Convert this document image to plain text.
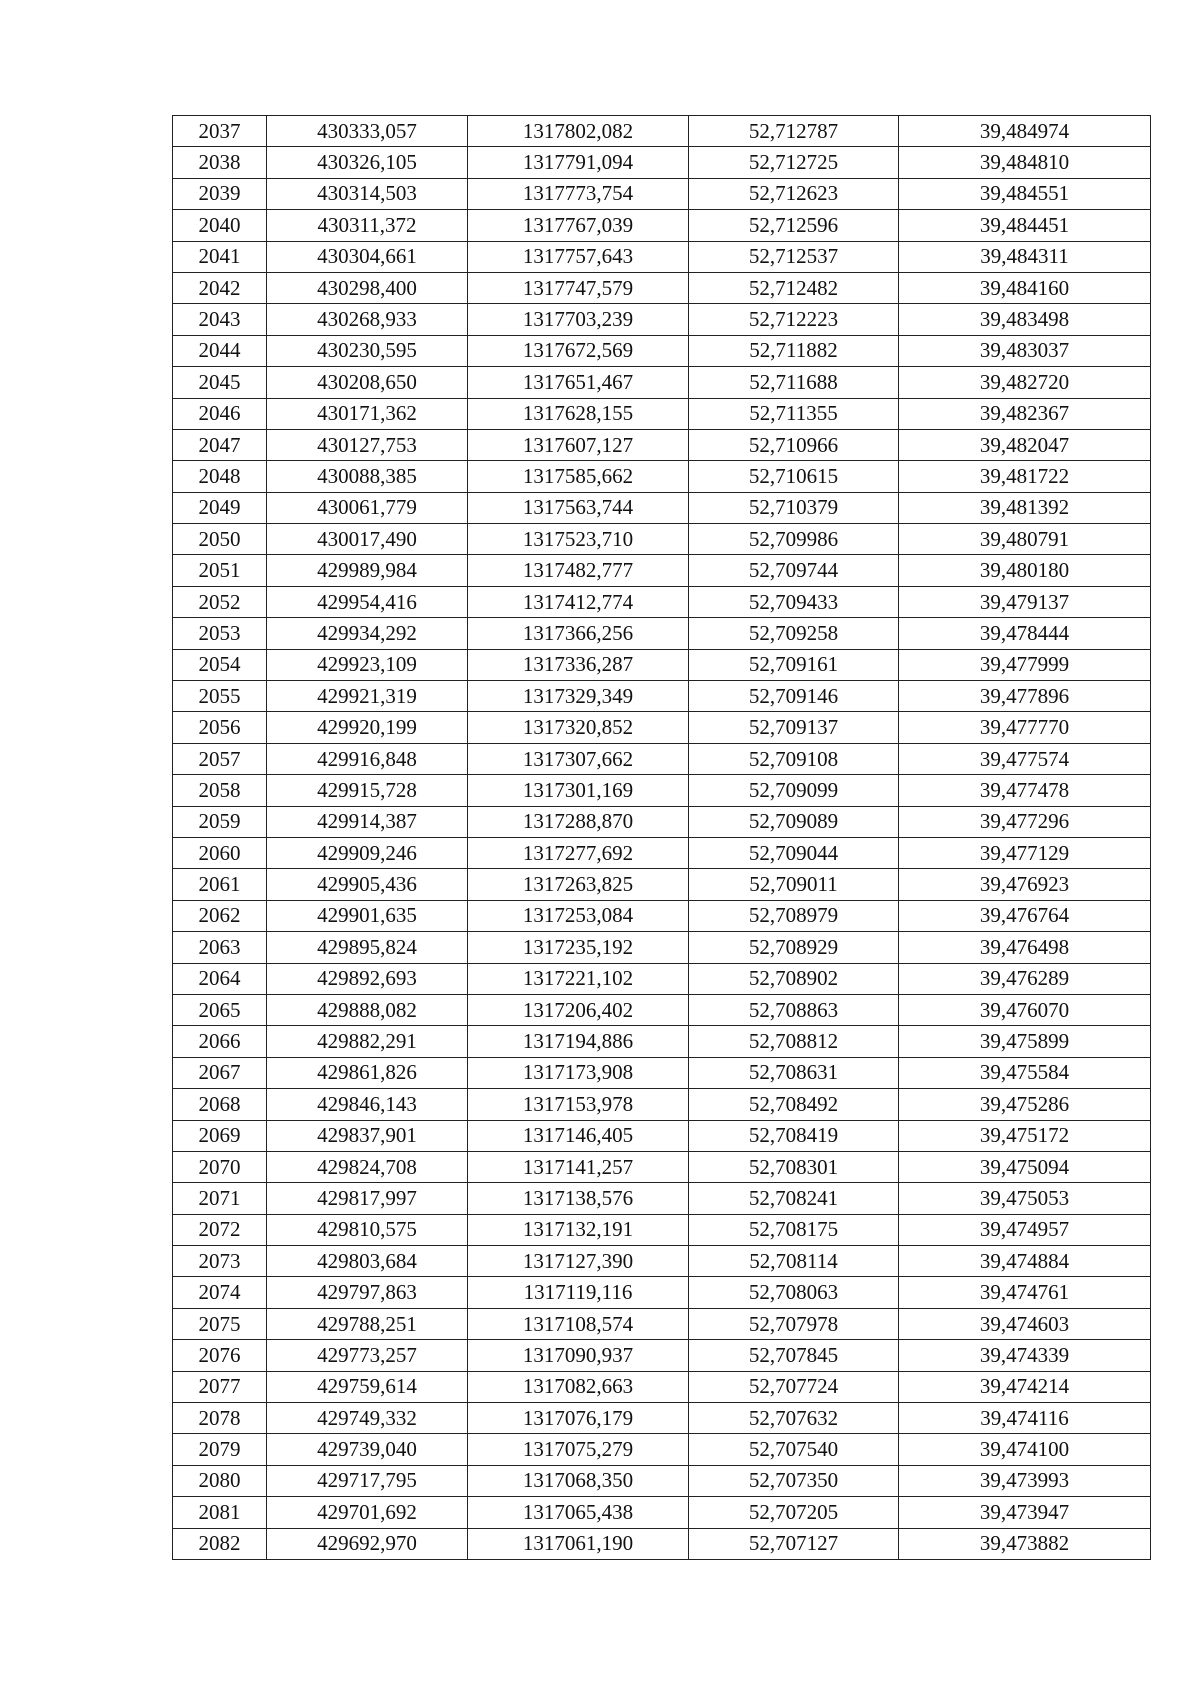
2037	430333,057	1317802,082	52,712787	39,484974
2038	430326,105	1317791,094	52,712725	39,484810
2039	430314,503	1317773,754	52,712623	39,484551
2040	430311,372	1317767,039	52,712596	39,484451
2041	430304,661	1317757,643	52,712537	39,484311
2042	430298,400	1317747,579	52,712482	39,484160
2043	430268,933	1317703,239	52,712223	39,483498
2044	430230,595	1317672,569	52,711882	39,483037
2045	430208,650	1317651,467	52,711688	39,482720
2046	430171,362	1317628,155	52,711355	39,482367
2047	430127,753	1317607,127	52,710966	39,482047
2048	430088,385	1317585,662	52,710615	39,481722
2049	430061,779	1317563,744	52,710379	39,481392
2050	430017,490	1317523,710	52,709986	39,480791
2051	429989,984	1317482,777	52,709744	39,480180
2052	429954,416	1317412,774	52,709433	39,479137
2053	429934,292	1317366,256	52,709258	39,478444
2054	429923,109	1317336,287	52,709161	39,477999
2055	429921,319	1317329,349	52,709146	39,477896
2056	429920,199	1317320,852	52,709137	39,477770
2057	429916,848	1317307,662	52,709108	39,477574
2058	429915,728	1317301,169	52,709099	39,477478
2059	429914,387	1317288,870	52,709089	39,477296
2060	429909,246	1317277,692	52,709044	39,477129
2061	429905,436	1317263,825	52,709011	39,476923
2062	429901,635	1317253,084	52,708979	39,476764
2063	429895,824	1317235,192	52,708929	39,476498
2064	429892,693	1317221,102	52,708902	39,476289
2065	429888,082	1317206,402	52,708863	39,476070
2066	429882,291	1317194,886	52,708812	39,475899
2067	429861,826	1317173,908	52,708631	39,475584
2068	429846,143	1317153,978	52,708492	39,475286
2069	429837,901	1317146,405	52,708419	39,475172
2070	429824,708	1317141,257	52,708301	39,475094
2071	429817,997	1317138,576	52,708241	39,475053
2072	429810,575	1317132,191	52,708175	39,474957
2073	429803,684	1317127,390	52,708114	39,474884
2074	429797,863	1317119,116	52,708063	39,474761
2075	429788,251	1317108,574	52,707978	39,474603
2076	429773,257	1317090,937	52,707845	39,474339
2077	429759,614	1317082,663	52,707724	39,474214
2078	429749,332	1317076,179	52,707632	39,474116
2079	429739,040	1317075,279	52,707540	39,474100
2080	429717,795	1317068,350	52,707350	39,473993
2081	429701,692	1317065,438	52,707205	39,473947
2082	429692,970	1317061,190	52,707127	39,473882
